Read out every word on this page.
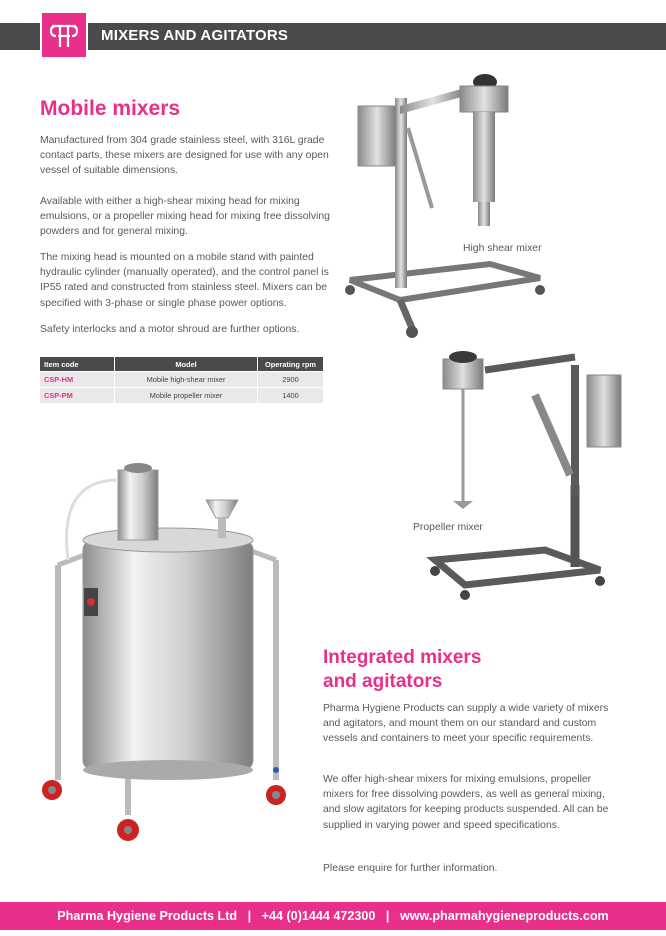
MIXERS AND AGITATORS
Mobile mixers

Manufactured from 304 grade stainless steel, with 316L grade contact parts, these mixers are designed for use with any open vessel of suitable dimensions.

Available with either a high-shear mixing head for mixing emulsions, or a propeller mixing head for mixing free dissolving powders and for general mixing.

The mixing head is mounted on a mobile stand with painted hydraulic cylinder (manually operated), and the control panel is IP55 rated and constructed from stainless steel. Mixers can be specified with 3-phase or single phase power options.

Safety interlocks and a motor shroud are further options.

Item code	Model	Operating rpm
CSP-HM	Mobile high-shear mixer	2900
CSP-PM	Mobile propeller mixer	1400
High shear mixer
Propeller mixer
Integrated mixers
and agitators

Pharma Hygiene Products can supply a wide variety of mixers and agitators, and mount them on our standard and custom vessels and containers to meet your specific requirements.

We offer high-shear mixers for mixing emulsions, propeller mixers for free dissolving powders, as well as general mixing, and slow agitators for keeping products suspended. All can be supplied in varying power and speed specifications.

Please enquire for further information.

Pharma Hygiene Products Ltd   |   +44 (0)1444 472300   |   www.pharmahygieneproducts.com
